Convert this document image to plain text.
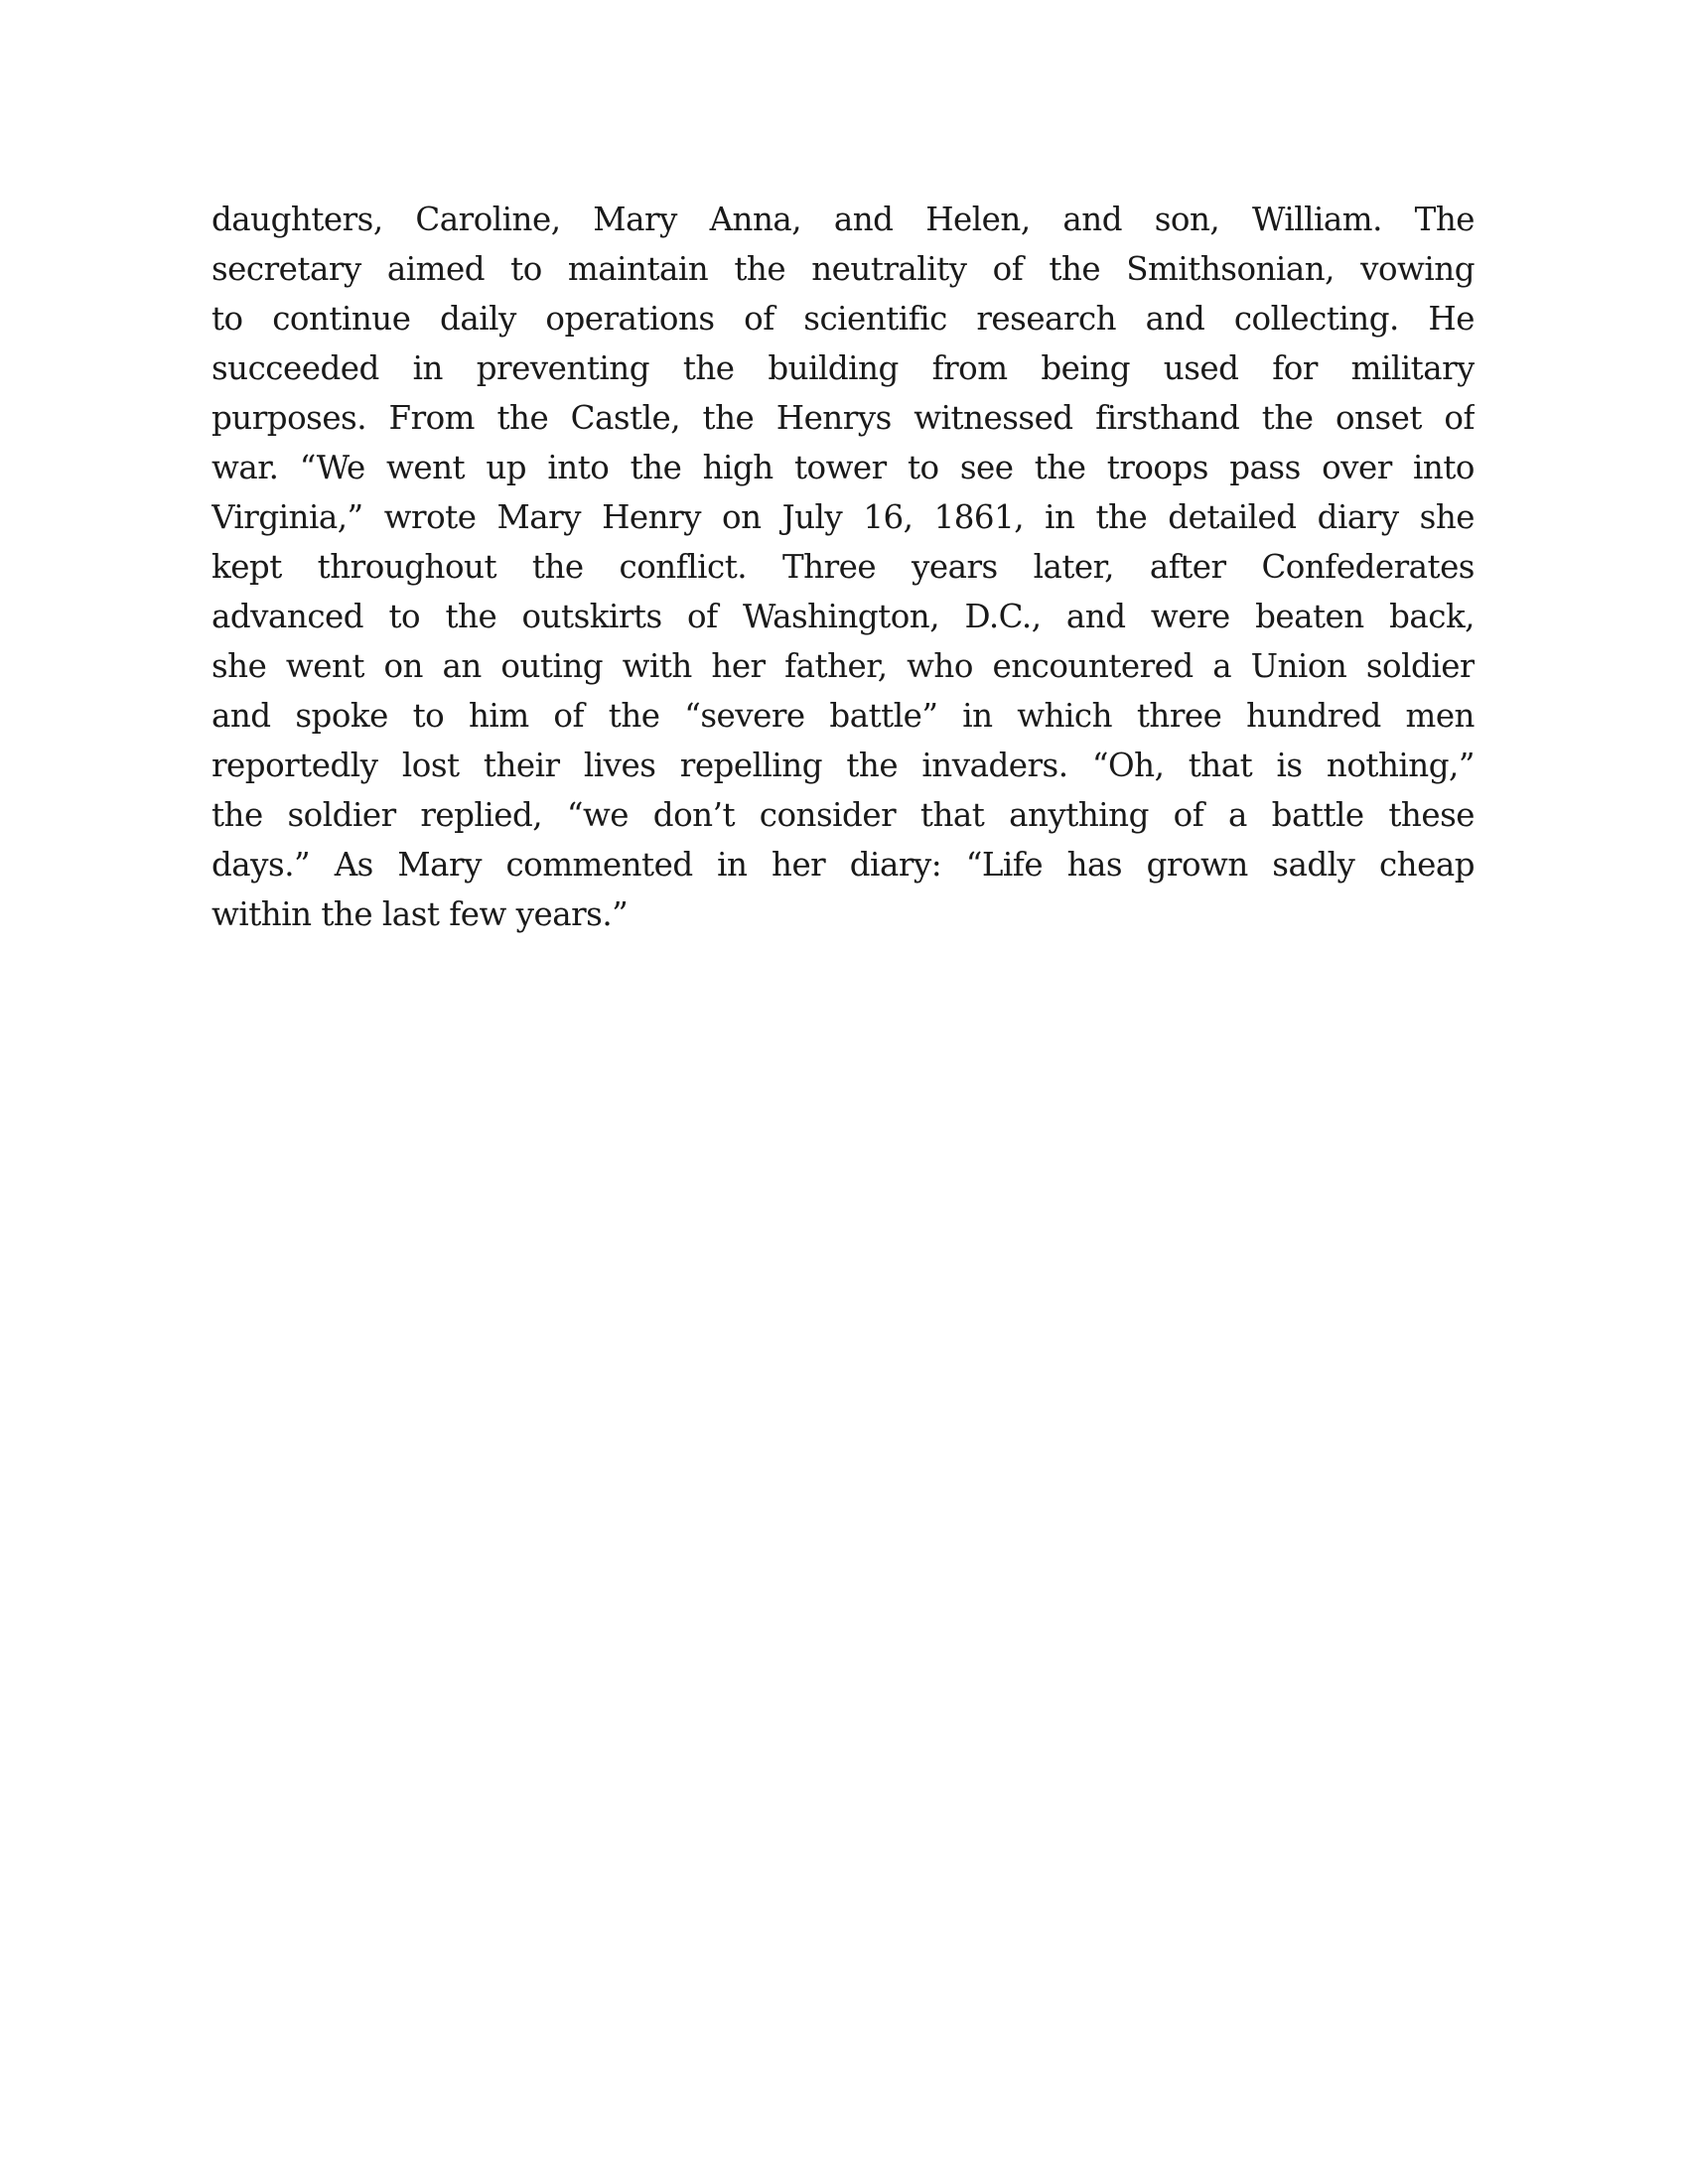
daughters, Caroline, Mary Anna, and Helen, and son, William. The
secretary aimed to maintain the neutrality of the Smithsonian, vowing
to continue daily operations of scientific research and collecting. He
succeeded in preventing the building from being used for military
purposes. From the Castle, the Henrys witnessed firsthand the onset of
war. “We went up into the high tower to see the troops pass over into
Virginia,” wrote Mary Henry on July 16, 1861, in the detailed diary she
kept throughout the conflict. Three years later, after Confederates
advanced to the outskirts of Washington, D.C., and were beaten back,
she went on an outing with her father, who encountered a Union soldier
and spoke to him of the “severe battle” in which three hundred men
reportedly lost their lives repelling the invaders. “Oh, that is nothing,”
the soldier replied, “we don’t consider that anything of a battle these
days.” As Mary commented in her diary: “Life has grown sadly cheap
within the last few years.”
